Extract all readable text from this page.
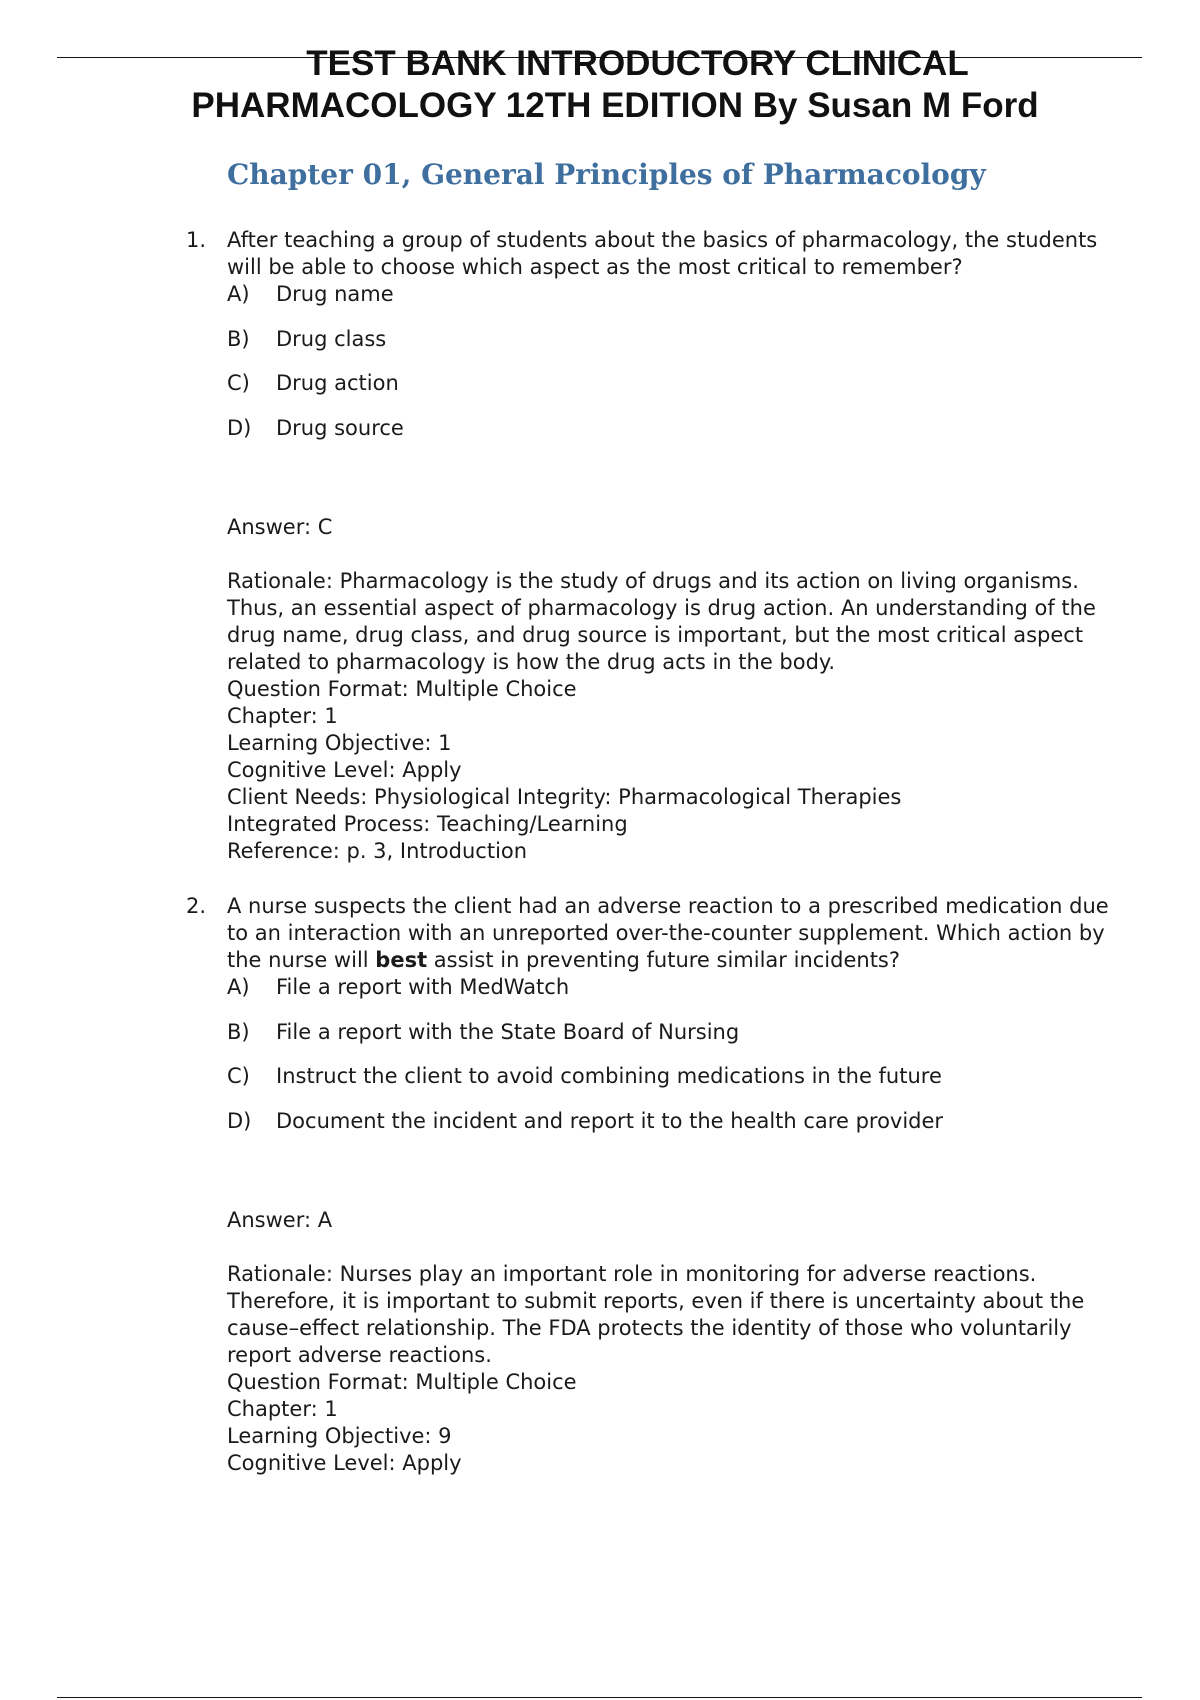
TEST BANK INTRODUCTORY CLINICAL
PHARMACOLOGY 12TH EDITION By Susan M Ford
Chapter 01, General Principles of Pharmacology
1. After teaching a group of students about the basics of pharmacology, the students will be able to choose which aspect as the most critical to remember?
A)	Drug name
B)	Drug class
C)	Drug action
D)	Drug source
Answer: C
Rationale: Pharmacology is the study of drugs and its action on living organisms. Thus, an essential aspect of pharmacology is drug action. An understanding of the drug name, drug class, and drug source is important, but the most critical aspect related to pharmacology is how the drug acts in the body.
Question Format: Multiple Choice
Chapter: 1
Learning Objective: 1
Cognitive Level: Apply
Client Needs: Physiological Integrity: Pharmacological Therapies
Integrated Process: Teaching/Learning
Reference: p. 3, Introduction
2. A nurse suspects the client had an adverse reaction to a prescribed medication due to an interaction with an unreported over-the-counter supplement. Which action by the nurse will best assist in preventing future similar incidents?
A)	File a report with MedWatch
B)	File a report with the State Board of Nursing
C)	Instruct the client to avoid combining medications in the future
D)	Document the incident and report it to the health care provider
Answer: A
Rationale: Nurses play an important role in monitoring for adverse reactions. Therefore, it is important to submit reports, even if there is uncertainty about the cause–effect relationship. The FDA protects the identity of those who voluntarily report adverse reactions.
Question Format: Multiple Choice
Chapter: 1
Learning Objective: 9
Cognitive Level: Apply
